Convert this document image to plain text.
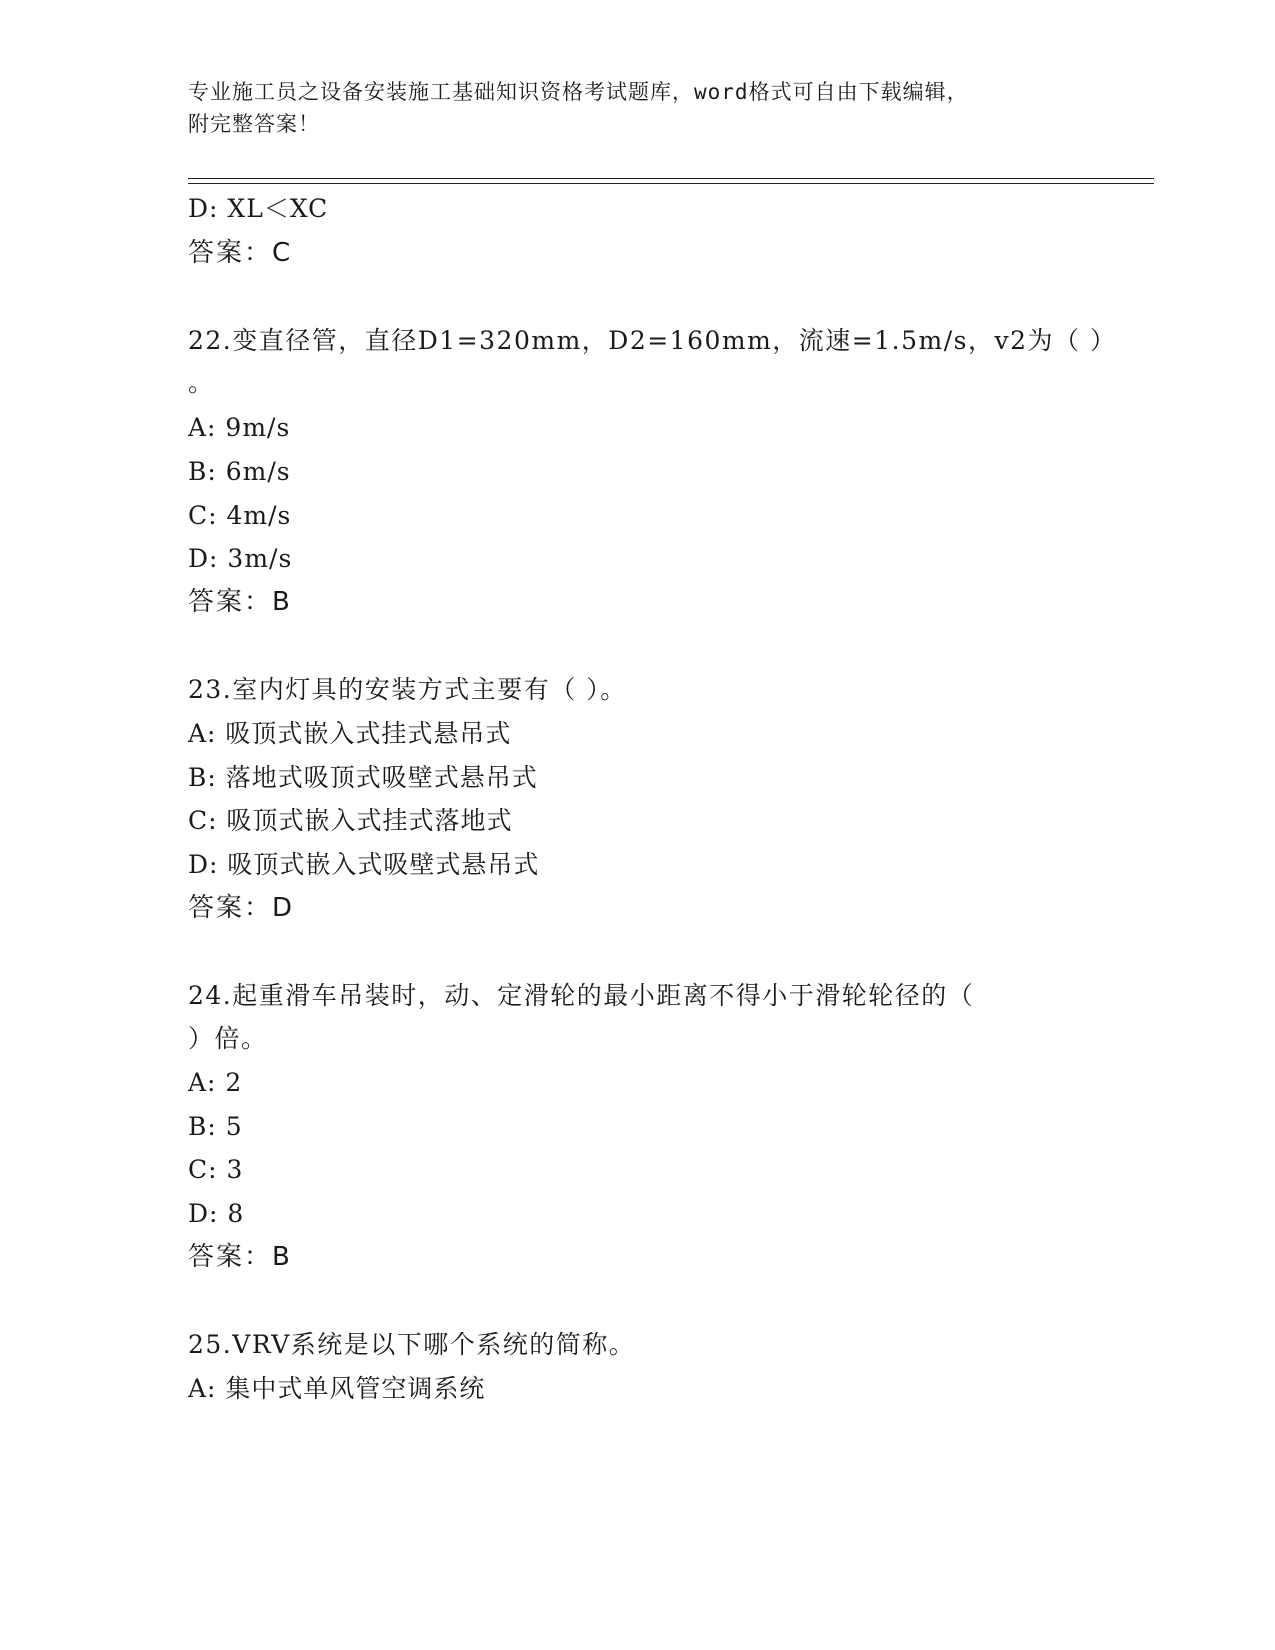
专业施工员之设备安装施工基础知识资格考试题库，word格式可自由下载编辑，
附完整答案！
D: XL＜XC
答案：C
22.变直径管，直径D1=320mm，D2=160mm，流速=1.5m/s，v2为（ ）
。
A: 9m/s
B: 6m/s
C: 4m/s
D: 3m/s
答案：B
23.室内灯具的安装方式主要有（ ）。
A: 吸顶式嵌入式挂式悬吊式
B: 落地式吸顶式吸壁式悬吊式
C: 吸顶式嵌入式挂式落地式
D: 吸顶式嵌入式吸壁式悬吊式
答案：D
24.起重滑车吊装时，动、定滑轮的最小距离不得小于滑轮轮径的（
）倍。
A: 2
B: 5
C: 3
D: 8
答案：B
25.VRV系统是以下哪个系统的简称。
A: 集中式单风管空调系统
